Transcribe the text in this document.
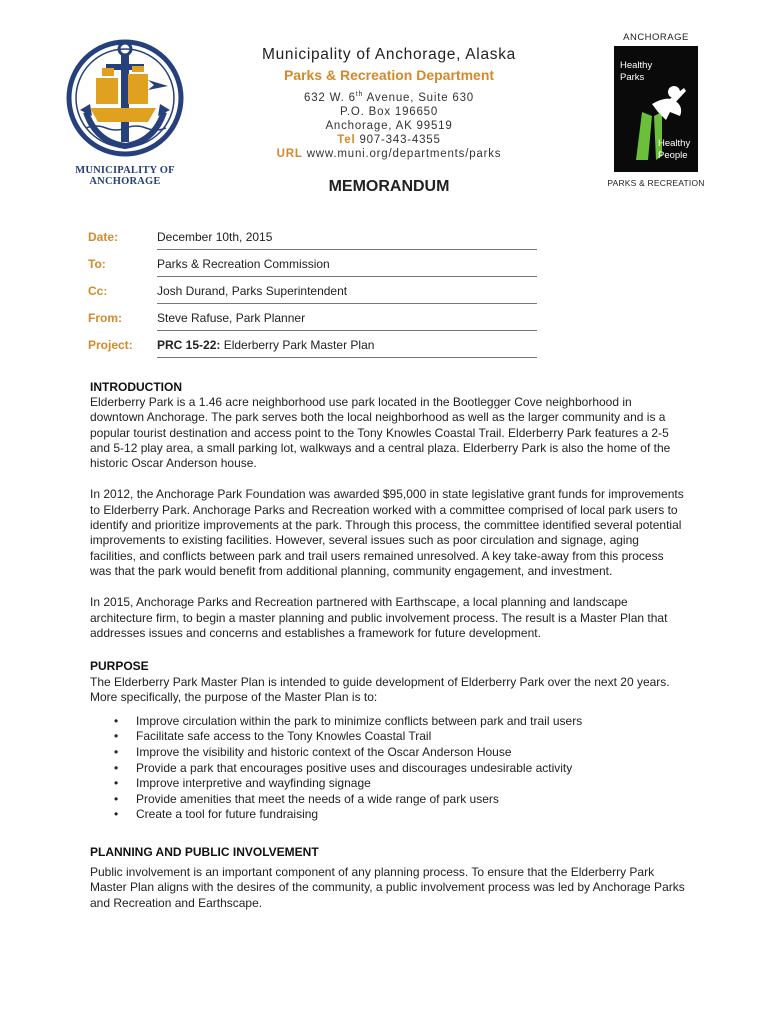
MUNICIPALITY OF
ANCHORAGE
Municipality of Anchorage, Alaska
Parks & Recreation Department
632 W. 6th Avenue, Suite 630
P.O. Box 196650
Anchorage, AK 99519
Tel 907-343-4355
URL www.muni.org/departments/parks
ANCHORAGE
Healthy
Parks
Healthy
People
PARKS & RECREATION
MEMORANDUM
Date:	December 10th, 2015
To:	Parks & Recreation Commission
Cc:	Josh Durand, Parks Superintendent
From:	Steve Rafuse, Park Planner
Project:	PRC 15-22: Elderberry Park Master Plan
INTRODUCTION

Elderberry Park is a 1.46 acre neighborhood use park located in the Bootlegger Cove neighborhood in downtown Anchorage. The park serves both the local neighborhood as well as the larger community and is a popular tourist destination and access point to the Tony Knowles Coastal Trail. Elderberry Park features a 2-5 and 5-12 play area, a small parking lot, walkways and a central plaza. Elderberry Park is also the home of the historic Oscar Anderson house.

In 2012, the Anchorage Park Foundation was awarded $95,000 in state legislative grant funds for improvements to Elderberry Park. Anchorage Parks and Recreation worked with a committee comprised of local park users to identify and prioritize improvements at the park. Through this process, the committee identified several potential improvements to existing facilities. However, several issues such as poor circulation and signage, aging facilities, and conflicts between park and trail users remained unresolved. A key take-away from this process was that the park would benefit from additional planning, community engagement, and investment.

In 2015, Anchorage Parks and Recreation partnered with Earthscape, a local planning and landscape architecture firm, to begin a master planning and public involvement process. The result is a Master Plan that addresses issues and concerns and establishes a framework for future development.

PURPOSE

The Elderberry Park Master Plan is intended to guide development of Elderberry Park over the next 20 years. More specifically, the purpose of the Master Plan is to:

• Improve circulation within the park to minimize conflicts between park and trail users
• Facilitate safe access to the Tony Knowles Coastal Trail
• Improve the visibility and historic context of the Oscar Anderson House
• Provide a park that encourages positive uses and discourages undesirable activity
• Improve interpretive and wayfinding signage
• Provide amenities that meet the needs of a wide range of park users
• Create a tool for future fundraising
PLANNING AND PUBLIC INVOLVEMENT

Public involvement is an important component of any planning process. To ensure that the Elderberry Park Master Plan aligns with the desires of the community, a public involvement process was led by Anchorage Parks and Recreation and Earthscape.
